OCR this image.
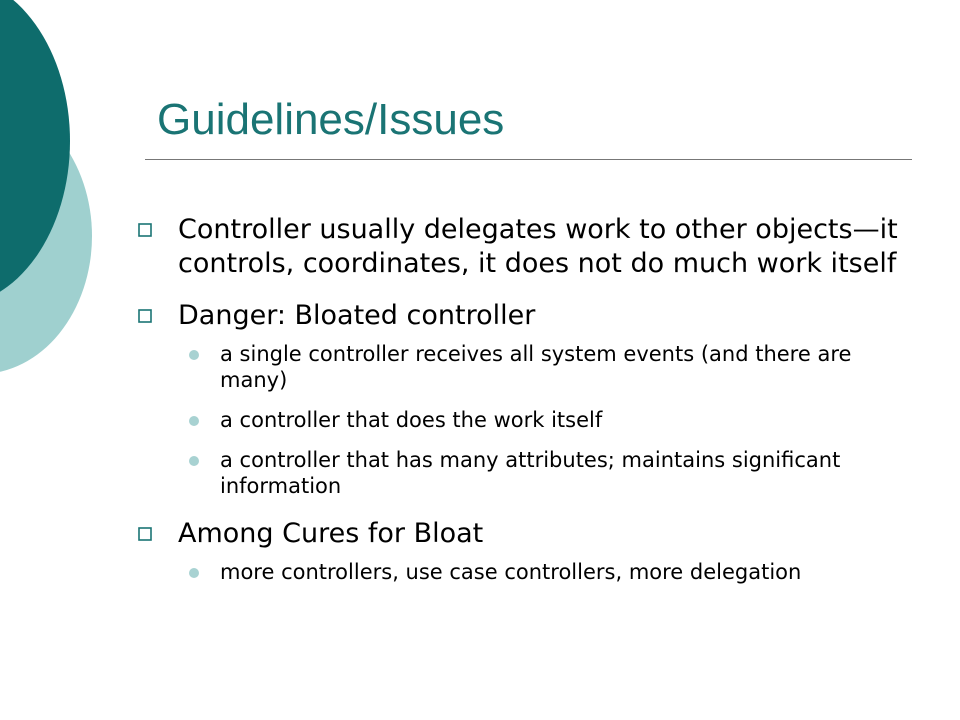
Guidelines/Issues
Controller usually delegates work to other objects—it controls, coordinates, it does not do much work itself
Danger: Bloated controller
a single controller receives all system events (and there are many)
a controller that does the work itself
a controller that has many attributes; maintains significant information
Among Cures for Bloat
more controllers, use case controllers, more delegation
